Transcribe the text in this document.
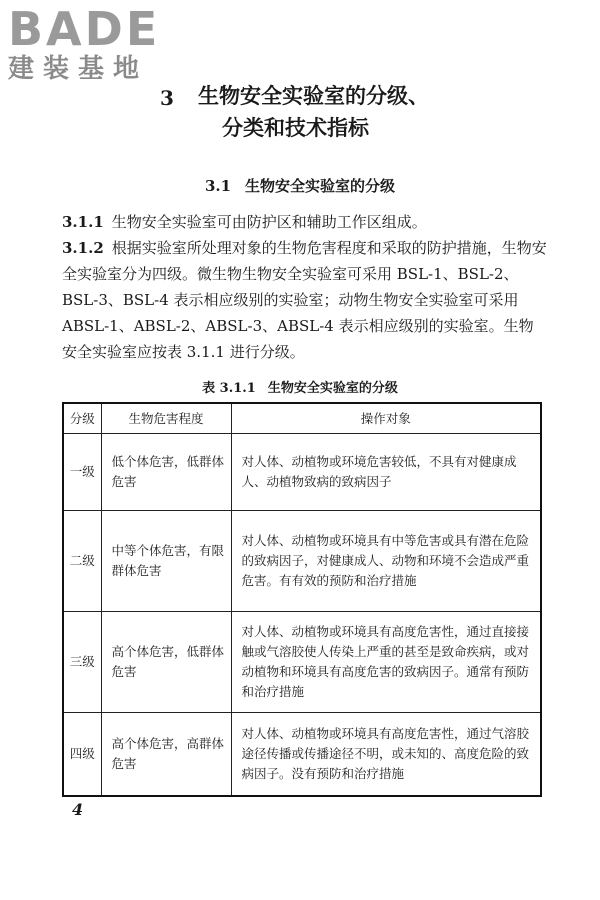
BADE
建装基地
3 生物安全实验室的分级、
分类和技术指标
3.1 生物安全实验室的分级
3.1.1 生物安全实验室可由防护区和辅助工作区组成。
3.1.2 根据实验室所处理对象的生物危害程度和采取的防护措施，生物安全实验室分为四级。微生物生物安全实验室可采用 BSL-1、BSL-2、BSL-3、BSL-4 表示相应级别的实验室；动物生物安全实验室可采用 ABSL-1、ABSL-2、ABSL-3、ABSL-4 表示相应级别的实验室。生物安全实验室应按表 3.1.1 进行分级。
表 3.1.1 生物安全实验室的分级
分级	生物危害程度	操作对象
一级	低个体危害，低群体危害	对人体、动植物或环境危害较低，不具有对健康成人、动植物致病的致病因子
二级	中等个体危害，有限群体危害	对人体、动植物或环境具有中等危害或具有潜在危险的致病因子，对健康成人、动物和环境不会造成严重危害。有有效的预防和治疗措施
三级	高个体危害，低群体危害	对人体、动植物或环境具有高度危害性，通过直接接触或气溶胶使人传染上严重的甚至是致命疾病，或对动植物和环境具有高度危害的致病因子。通常有预防和治疗措施
四级	高个体危害，高群体危害	对人体、动植物或环境具有高度危害性，通过气溶胶途径传播或传播途径不明，或未知的、高度危险的致病因子。没有预防和治疗措施
4
